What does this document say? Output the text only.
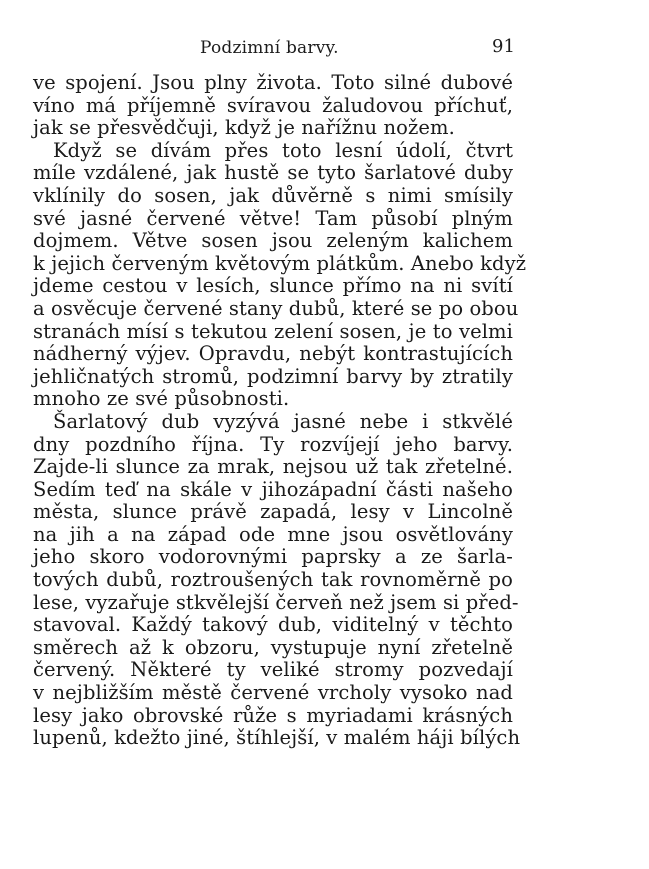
Podzimní barvy.	91
ve spojení. Jsou plny života. Toto silné dubové
víno má příjemně svíravou žaludovou příchuť,
jak se přesvědčuji, když je nařížnu nožem.
Když se dívám přes toto lesní údolí, čtvrt
míle vzdálené, jak hustě se tyto šarlatové duby
vklínily do sosen, jak důvěrně s nimi smísily
své jasné červené větve! Tam působí plným
dojmem. Větve sosen jsou zeleným kalichem
k jejich červeným květovým plátkům. Anebo když
jdeme cestou v lesích, slunce přímo na ni svítí
a osvěcuje červené stany dubů, které se po obou
stranách mísí s tekutou zelení sosen, je to velmi
nádherný výjev. Opravdu, nebýt kontrastujících
jehličnatých stromů, podzimní barvy by ztratily
mnoho ze své působnosti.
Šarlatový dub vyzývá jasné nebe i stkvělé
dny pozdního října. Ty rozvíjejí jeho barvy.
Zajde-li slunce za mrak, nejsou už tak zřetelné.
Sedím teď na skále v jihozápadní části našeho
města, slunce právě zapadá, lesy v Lincolně
na jih a na západ ode mne jsou osvětlovány
jeho skoro vodorovnými paprsky a ze šarla-
tových dubů, roztroušených tak rovnoměrně po
lese, vyzařuje stkvělejší červeň než jsem si před-
stavoval. Každý takový dub, viditelný v těchto
směrech až k obzoru, vystupuje nyní zřetelně
červený. Některé ty veliké stromy pozvedají
v nejbližším městě červené vrcholy vysoko nad
lesy jako obrovské růže s myriadami krásných
lupenů, kdežto jiné, štíhlejší, v malém háji bílých
